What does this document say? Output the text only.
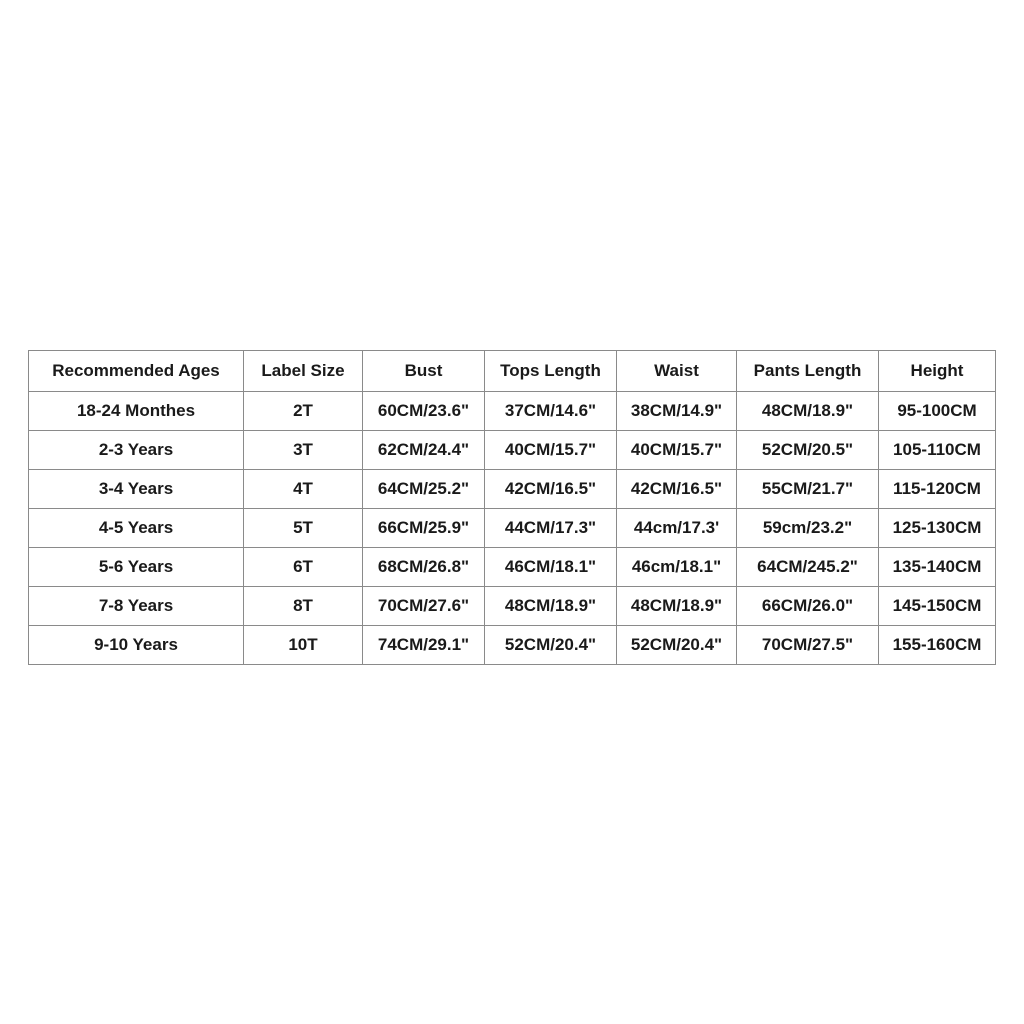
Recommended Ages	Label Size	Bust	Tops Length	Waist	Pants Length	Height
18-24 Monthes	2T	60CM/23.6"	37CM/14.6"	38CM/14.9"	48CM/18.9"	95-100CM
2-3 Years	3T	62CM/24.4"	40CM/15.7"	40CM/15.7"	52CM/20.5"	105-110CM
3-4 Years	4T	64CM/25.2"	42CM/16.5"	42CM/16.5"	55CM/21.7"	115-120CM
4-5 Years	5T	66CM/25.9"	44CM/17.3"	44cm/17.3'	59cm/23.2"	125-130CM
5-6 Years	6T	68CM/26.8"	46CM/18.1"	46cm/18.1"	64CM/245.2"	135-140CM
7-8 Years	8T	70CM/27.6"	48CM/18.9"	48CM/18.9"	66CM/26.0"	145-150CM
9-10 Years	10T	74CM/29.1"	52CM/20.4"	52CM/20.4"	70CM/27.5"	155-160CM
